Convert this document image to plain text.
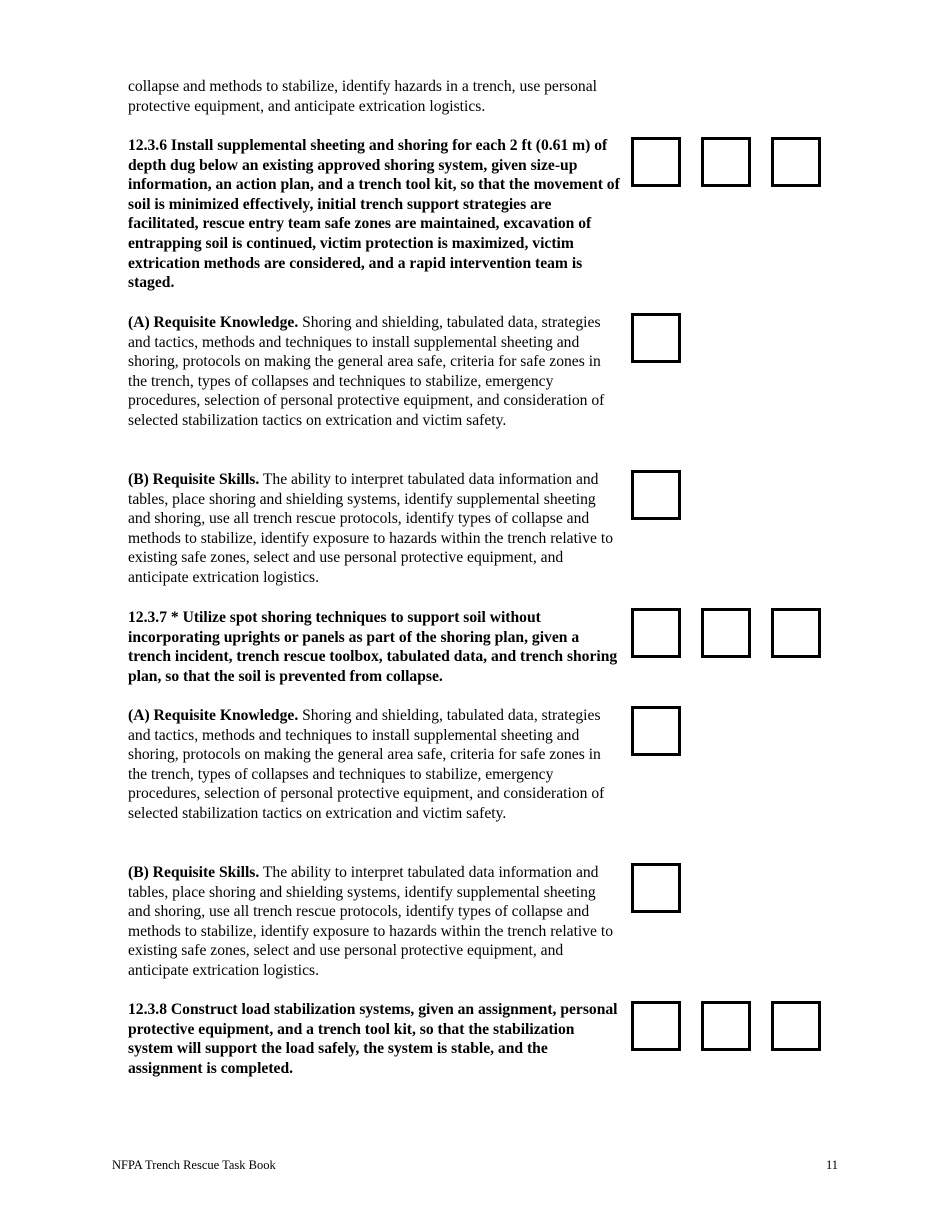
collapse and methods to stabilize, identify hazards in a trench, use personal protective equipment, and anticipate extrication logistics.
12.3.6 Install supplemental sheeting and shoring for each 2 ft (0.61 m) of depth dug below an existing approved shoring system, given size-up information, an action plan, and a trench tool kit, so that the movement of soil is minimized effectively, initial trench support strategies are facilitated, rescue entry team safe zones are maintained, excavation of entrapping soil is continued, victim protection is maximized, victim extrication methods are considered, and a rapid intervention team is staged.
(A) Requisite Knowledge. Shoring and shielding, tabulated data, strategies and tactics, methods and techniques to install supplemental sheeting and shoring, protocols on making the general area safe, criteria for safe zones in the trench, types of collapses and techniques to stabilize, emergency procedures, selection of personal protective equipment, and consideration of selected stabilization tactics on extrication and victim safety.
(B) Requisite Skills. The ability to interpret tabulated data information and tables, place shoring and shielding systems, identify supplemental sheeting and shoring, use all trench rescue protocols, identify types of collapse and methods to stabilize, identify exposure to hazards within the trench relative to existing safe zones, select and use personal protective equipment, and anticipate extrication logistics.
12.3.7 * Utilize spot shoring techniques to support soil without incorporating uprights or panels as part of the shoring plan, given a trench incident, trench rescue toolbox, tabulated data, and trench shoring plan, so that the soil is prevented from collapse.
(A) Requisite Knowledge. Shoring and shielding, tabulated data, strategies and tactics, methods and techniques to install supplemental sheeting and shoring, protocols on making the general area safe, criteria for safe zones in the trench, types of collapses and techniques to stabilize, emergency procedures, selection of personal protective equipment, and consideration of selected stabilization tactics on extrication and victim safety.
(B) Requisite Skills. The ability to interpret tabulated data information and tables, place shoring and shielding systems, identify supplemental sheeting and shoring, use all trench rescue protocols, identify types of collapse and methods to stabilize, identify exposure to hazards within the trench relative to existing safe zones, select and use personal protective equipment, and anticipate extrication logistics.
12.3.8 Construct load stabilization systems, given an assignment, personal protective equipment, and a trench tool kit, so that the stabilization system will support the load safely, the system is stable, and the assignment is completed.
NFPA Trench Rescue Task Book	11
